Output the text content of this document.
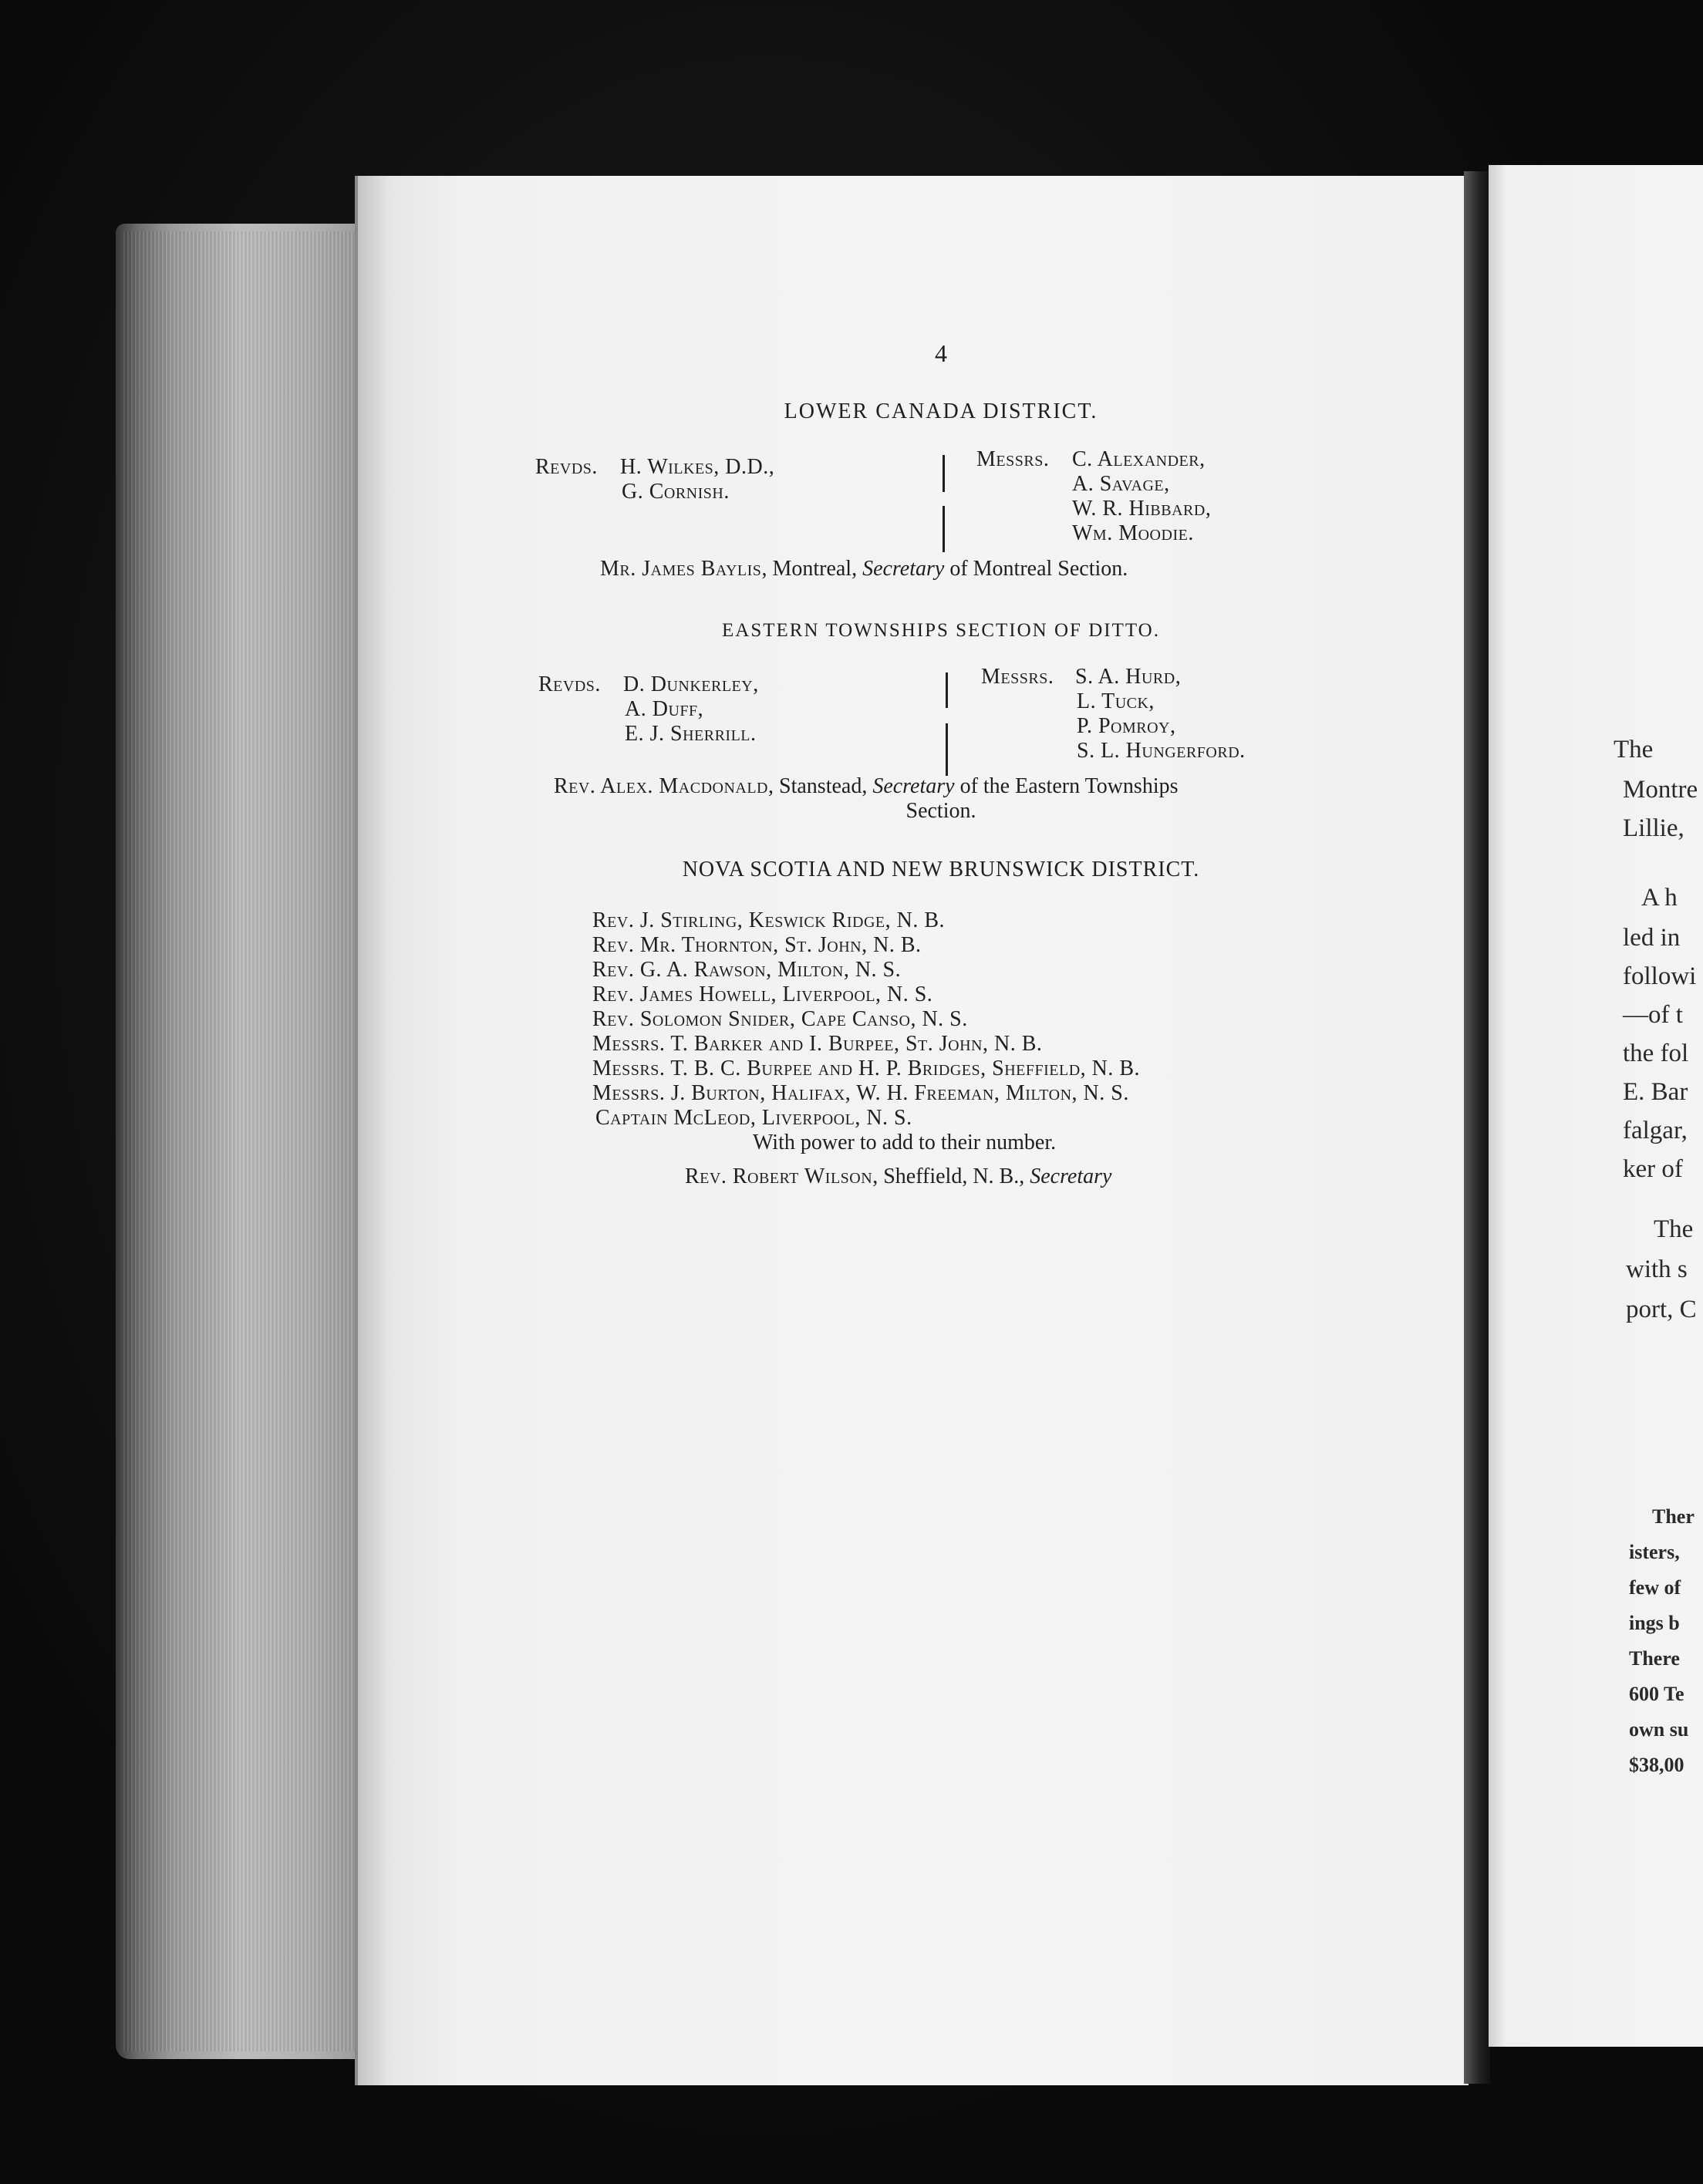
The
Montre
Lillie,
A h
led in
followi
—of t
the fol
E. Bar
falgar,
ker of
The
with s
port, C
Ther
isters,
few of
ings b
There
600 Te
own su
$38,00
4
LOWER CANADA DISTRICT.
Revds. H. Wilkes, D.D.,
G. Cornish.
Messrs. C. Alexander,
A. Savage,
W. R. Hibbard,
Wm. Moodie.
Mr. James Baylis, Montreal, Secretary of Montreal Section.
EASTERN TOWNSHIPS SECTION OF DITTO.
Revds. D. Dunkerley,
A. Duff,
E. J. Sherrill.
Messrs. S. A. Hurd,
L. Tuck,
P. Pomroy,
S. L. Hungerford.
Rev. Alex. Macdonald, Stanstead, Secretary of the Eastern Townships
Section.
NOVA SCOTIA AND NEW BRUNSWICK DISTRICT.
Rev. J. Stirling, Keswick Ridge, N. B.
Rev. Mr. Thornton, St. John, N. B.
Rev. G. A. Rawson, Milton, N. S.
Rev. James Howell, Liverpool, N. S.
Rev. Solomon Snider, Cape Canso, N. S.
Messrs. T. Barker and I. Burpee, St. John, N. B.
Messrs. T. B. C. Burpee and H. P. Bridges, Sheffield, N. B.
Messrs. J. Burton, Halifax, W. H. Freeman, Milton, N. S.
Captain McLeod, Liverpool, N. S.
With power to add to their number.
Rev. Robert Wilson, Sheffield, N. B., Secretary
